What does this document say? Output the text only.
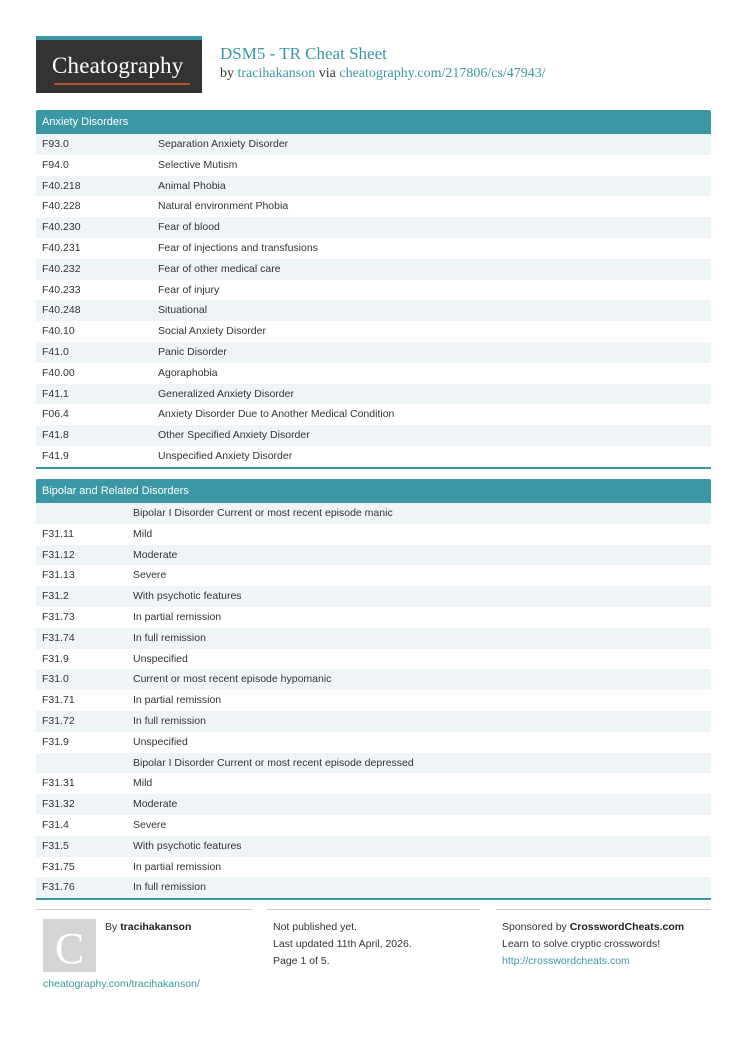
Cheatography DSM5 - TR Cheat Sheet
by tracihakanson via cheatography.com/217806/cs/47943/
Anxiety Disorders
F93.0	Separation Anxiety Disorder
F94.0	Selective Mutism
F40.218	Animal Phobia
F40.228	Natural environment Phobia
F40.230	Fear of blood
F40.231	Fear of injections and transfusions
F40.232	Fear of other medical care
F40.233	Fear of injury
F40.248	Situational
F40.10	Social Anxiety Disorder
F41.0	Panic Disorder
F40.00	Agoraphobia
F41.1	Generalized Anxiety Disorder
F06.4	Anxiety Disorder Due to Another Medical Condition
F41.8	Other Specified Anxiety Disorder
F41.9	Unspecified Anxiety Disorder
Bipolar and Related Disorders
Bipolar I Disorder Current or most recent episode manic
F31.11	Mild
F31.12	Moderate
F31.13	Severe
F31.2	With psychotic features
F31.73	In partial remission
F31.74	In full remission
F31.9	Unspecified
F31.0	Current or most recent episode hypomanic
F31.71	In partial remission
F31.72	In full remission
F31.9	Unspecified
Bipolar I Disorder Current or most recent episode depressed
F31.31	Mild
F31.32	Moderate
F31.4	Severe
F31.5	With psychotic features
F31.75	In partial remission
F31.76	In full remission
C	By tracihakanson
cheatography.com/tracihakanson/
Not published yet.
Last updated 11th April, 2026.
Page 1 of 5.
Sponsored by CrosswordCheats.com
Learn to solve cryptic crosswords!
http://crosswordcheats.com
